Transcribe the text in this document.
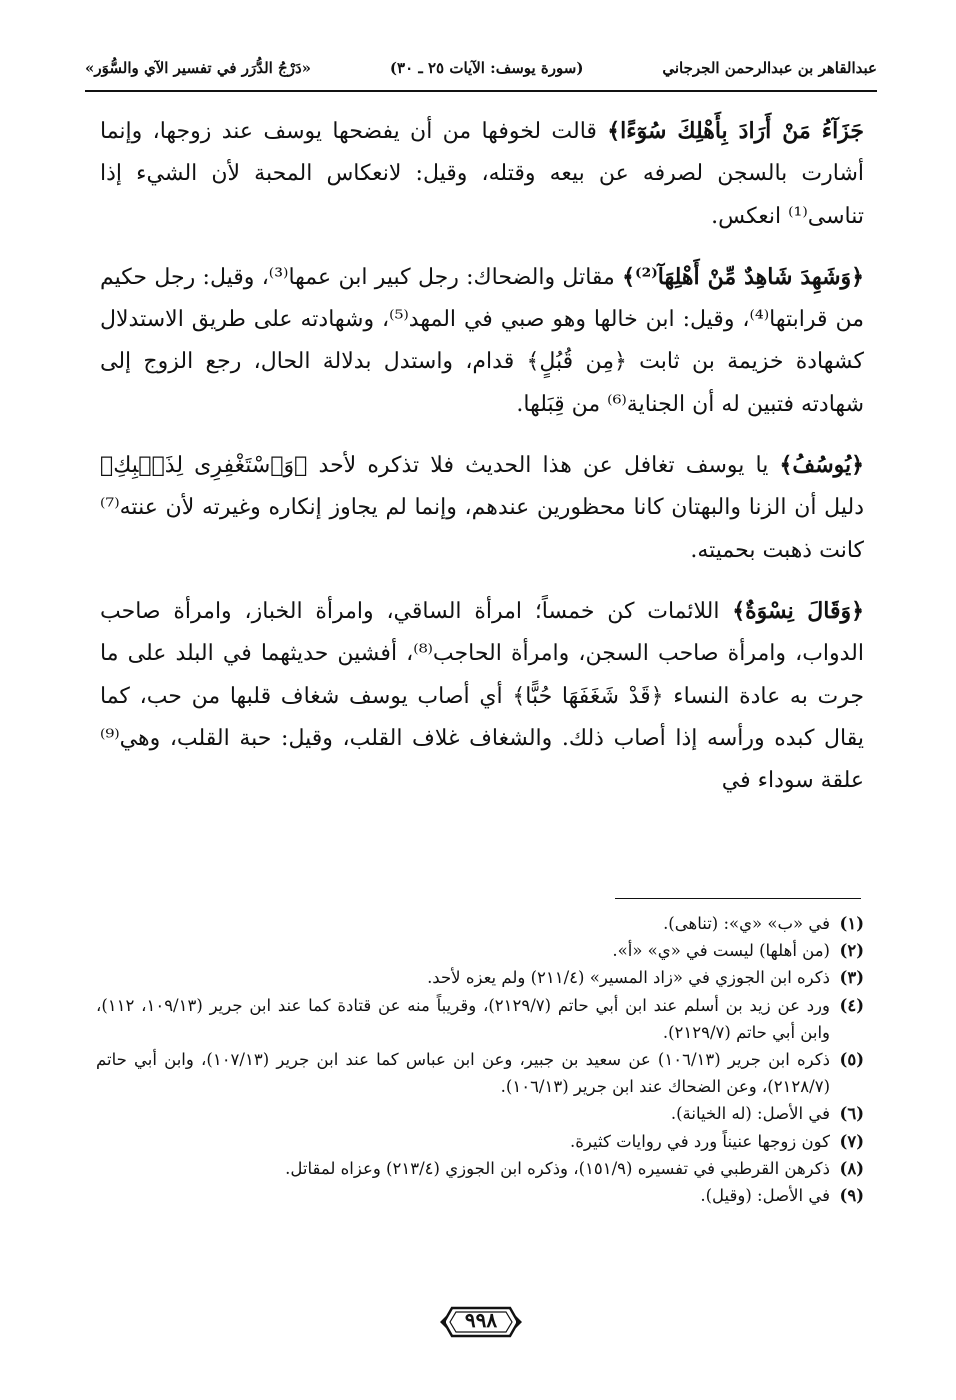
عبدالقاهر بن عبدالرحمن الجرجاني
(سورة يوسف: الآيات ٢٥ ـ ٣٠)
«دَرْجُ الدُّرَر في تفسير الآي والسُّوَر»

جَزَآءُ مَنْ أَرَادَ بِأَهْلِكَ سُوٓءًا﴾ قالت لخوفها من أن يفضحها يوسف عند زوجها، وإنما أشارت بالسجن لصرفه عن بيعه وقتله، وقيل: لانعكاس المحبة لأن الشيء إذا تناسى⁽¹⁾ انعكس.

﴿وَشَهِدَ شَاهِدٌ مِّنْ أَهْلِهَآ⁽²⁾﴾ مقاتل والضحاك: رجل كبير ابن عمها⁽³⁾، وقيل: رجل حكيم من قرابتها⁽⁴⁾، وقيل: ابن خالها وهو صبي في المهد⁽⁵⁾، وشهادته على طريق الاستدلال كشهادة خزيمة بن ثابت ﴿مِن قُبُلٍ﴾ قدام، واستدل بدلالة الحال، رجع الزوج إلى شهادته فتبين له أن الجناية⁽⁶⁾ من قِبَلها.

﴿يُوسُفُ﴾ يا يوسف تغافل عن هذا الحديث فلا تذكره لأحد ﴿وَٱسْتَغْفِرِى لِذَنۢبِكِ﴾ دليل أن الزنا والبهتان كانا محظورين عندهم، وإنما لم يجاوز إنكاره وغيرته لأن عنته⁽⁷⁾ كانت ذهبت بحميته.

﴿وَقَالَ نِسْوَةٌ﴾ اللائمات كن خمساً؛ امرأة الساقي، وامرأة الخباز، وامرأة صاحب الدواب، وامرأة صاحب السجن، وامرأة الحاجب⁽⁸⁾، أفشين حديثهما في البلد على ما جرت به عادة النساء ﴿قَدْ شَغَفَهَا حُبًّا﴾ أي أصاب يوسف شغاف قلبها من حب، كما يقال كبده ورأسه إذا أصاب ذلك. والشغاف غلاف القلب، وقيل: حبة القلب، وهي⁽⁹⁾ علقة سوداء في

(١)
في «ب» «ي»: (تناهى).
(٢)
(من أهلها) ليست في «ي» «أ».
(٣)
ذكره ابن الجوزي في «زاد المسير» (٢١١/٤) ولم يعزه لأحد.
(٤)
ورد عن زيد بن أسلم عند ابن أبي حاتم (٢١٢٩/٧)، وقريباً منه عن قتادة كما عند ابن جرير (١٠٩/١٣، ١١٢)، وابن أبي حاتم (٢١٢٩/٧).
(٥)
ذكره ابن جرير (١٠٦/١٣) عن سعيد بن جبير، وعن ابن عباس كما عند ابن جرير (١٠٧/١٣)، وابن أبي حاتم (٢١٢٨/٧)، وعن الضحاك عند ابن جرير (١٠٦/١٣).
(٦)
في الأصل: (له الخيانة).
(٧)
كون زوجها عنيناً ورد في روايات كثيرة.
(٨)
ذكرهن القرطبي في تفسيره (١٥١/٩)، وذكره ابن الجوزي (٢١٣/٤) وعزاه لمقاتل.
(٩)
في الأصل: (وقيل).
٩٩٨
